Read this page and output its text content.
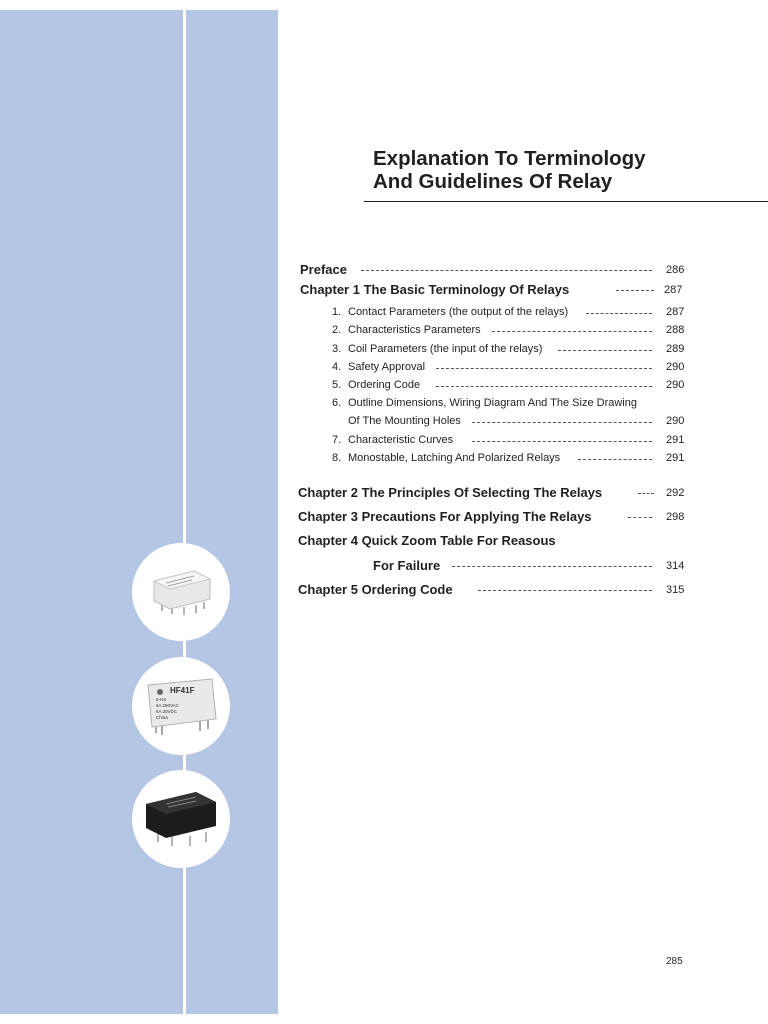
HF41F
5-HS
6A 250VAC
6A 30VDC
China
Explanation To Terminology
And Guidelines Of Relay
Preface	286
Chapter 1 The Basic Terminology Of Relays	287
1. Contact Parameters (the output of the relays)	287
2. Characteristics Parameters	288
3. Coil Parameters (the input of the relays)	289
4. Safety Approval	290
5. Ordering Code	290
6. Outline Dimensions, Wiring Diagram And The Size Drawing
Of The Mounting Holes	290
7. Characteristic Curves	291
8. Monostable, Latching And Polarized Relays	291
Chapter 2 The Principles Of Selecting The Relays	292
Chapter 3 Precautions For Applying The Relays	298
Chapter 4 Quick Zoom Table For Reasous
For Failure	314
Chapter 5 Ordering Code	315
285
